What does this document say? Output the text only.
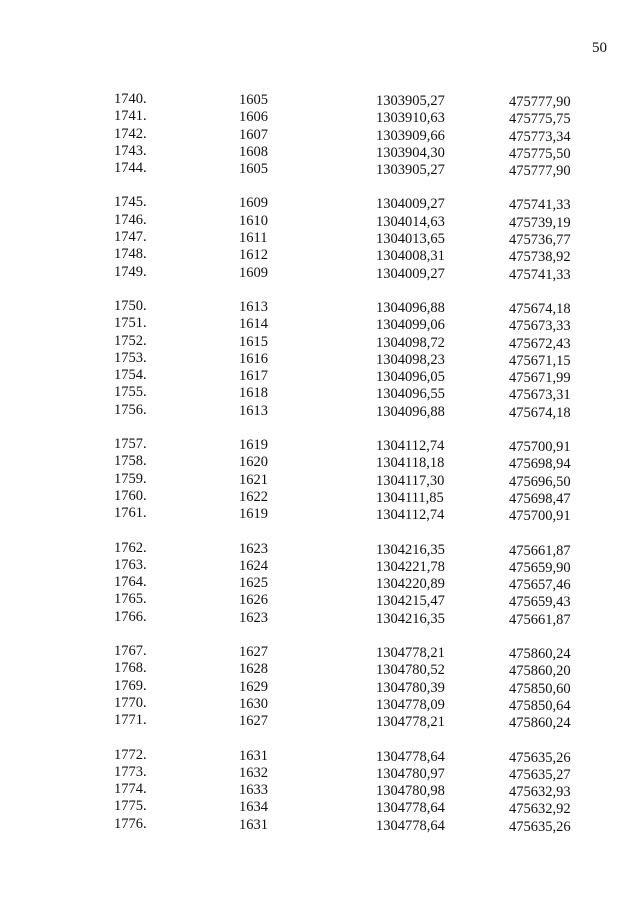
50
1740.	1605	1303905,27	475777,90
1741.	1606	1303910,63	475775,75
1742.	1607	1303909,66	475773,34
1743.	1608	1303904,30	475775,50
1744.	1605	1303905,27	475777,90
1745.	1609	1304009,27	475741,33
1746.	1610	1304014,63	475739,19
1747.	1611	1304013,65	475736,77
1748.	1612	1304008,31	475738,92
1749.	1609	1304009,27	475741,33
1750.	1613	1304096,88	475674,18
1751.	1614	1304099,06	475673,33
1752.	1615	1304098,72	475672,43
1753.	1616	1304098,23	475671,15
1754.	1617	1304096,05	475671,99
1755.	1618	1304096,55	475673,31
1756.	1613	1304096,88	475674,18
1757.	1619	1304112,74	475700,91
1758.	1620	1304118,18	475698,94
1759.	1621	1304117,30	475696,50
1760.	1622	1304111,85	475698,47
1761.	1619	1304112,74	475700,91
1762.	1623	1304216,35	475661,87
1763.	1624	1304221,78	475659,90
1764.	1625	1304220,89	475657,46
1765.	1626	1304215,47	475659,43
1766.	1623	1304216,35	475661,87
1767.	1627	1304778,21	475860,24
1768.	1628	1304780,52	475860,20
1769.	1629	1304780,39	475850,60
1770.	1630	1304778,09	475850,64
1771.	1627	1304778,21	475860,24
1772.	1631	1304778,64	475635,26
1773.	1632	1304780,97	475635,27
1774.	1633	1304780,98	475632,93
1775.	1634	1304778,64	475632,92
1776.	1631	1304778,64	475635,26
